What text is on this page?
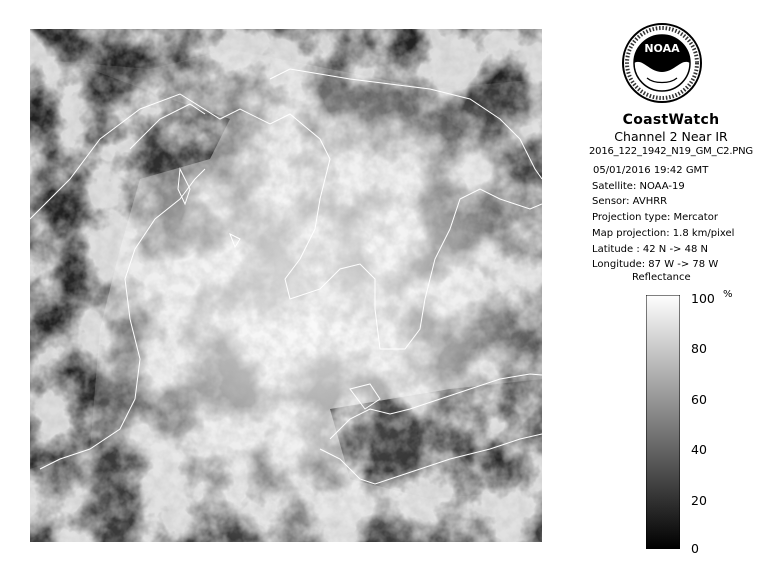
NOAA
CoastWatch
Channel 2 Near IR
2016_122_1942_N19_GM_C2.PNG
05/01/2016 19:42 GMT
Satellite: NOAA-19
Sensor: AVHRR
Projection type: Mercator
Map projection: 1.8 km/pixel
Latitude : 42 N -> 48 N
Longitude: 87 W -> 78 W
Reflectance
%
100
80
60
40
20
0
